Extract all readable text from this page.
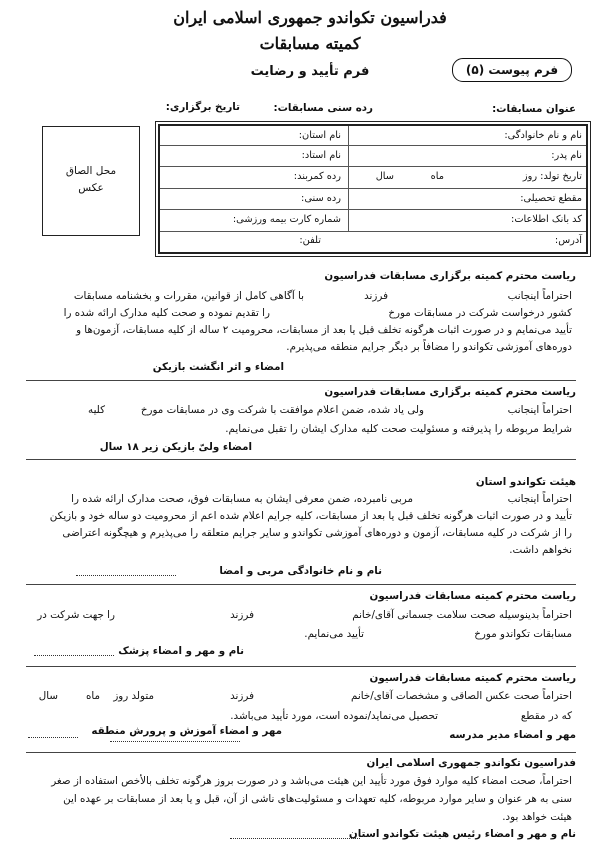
فدراسیون تکواندو جمهوری اسلامی ایران
کمیته مسابقات
فرم تأیید و رضایت	فرم پیوست (۵)
عنوان مسابقات:
رده سنی مسابقات:
تاریخ برگزاری:
نام و نام خانوادگی:
نام پدر:
تاریخ تولد: روز
ماه
سال
مقطع تحصیلی:
کد بانک اطلاعات:
آدرس:
نام استان:
نام استاد:
رده کمربند:
رده سنی:
شماره کارت بیمه ورزشی:
تلفن:
محل الصاق
عکس
ریاست محترم کمیته برگزاری مسابقات فدراسیون
احتراماً اینجانب
فرزند
با آگاهی کامل از قوانین، مقررات و بخشنامه مسابقات
کشور درخواست شرکت در مسابقات مورخ
را تقدیم نموده و صحت کلیه مدارک ارائه شده را
تأیید می‌نمایم و در صورت اثبات هرگونه تخلف قبل یا بعد از مسابقات، محرومیت ۲ ساله از کلیه مسابقات، آزمون‌ها و
دوره‌های آموزشی تکواندو را مضافاً بر دیگر جرایم منطقه می‌پذیرم.
امضاء و اثر انگشت بازیکن
ریاست محترم کمیته برگزاری مسابقات فدراسیون
احتراماً اینجانب
ولی یاد شده، ضمن اعلام موافقت با شرکت وی در مسابقات مورخ
کلیه
شرایط مربوطه را پذیرفته و مسئولیت صحت کلیه مدارک ایشان را تقبل می‌نمایم.
امضاء ولیّ بازیکن زیر ۱۸ سال
هیئت تکواندو استان
احتراماً اینجانب
مربی نامبرده، ضمن معرفی ایشان به مسابقات فوق، صحت مدارک ارائه شده را
تأیید و در صورت اثبات هرگونه تخلف قبل یا بعد از مسابقات، کلیه جرایم اعلام شده اعم از محرومیت دو ساله خود و بازیکن
را از شرکت در کلیه مسابقات، آزمون و دوره‌های آموزشی تکواندو و سایر جرایم متعلقه را می‌پذیرم و هیچگونه اعتراضی
نخواهم داشت.
نام و نام خانوادگی مربی و امضا
ریاست محترم کمیته مسابقات فدراسیون
احتراماً بدینوسیله صحت سلامت جسمانی آقای/خانم
فرزند
را جهت شرکت در
مسابقات تکواندو مورخ
تأیید می‌نمایم.
نام و مهر و امضاء پزشک
ریاست محترم کمیته مسابقات فدراسیون
احتراماً صحت عکس الصاقی و مشخصات آقای/خانم
فرزند
متولد روز
ماه
سال
که در مقطع
تحصیل می‌نماید/نموده است، مورد تأیید می‌باشد.
مهر و امضاء مدیر مدرسه
مهر و امضاء آموزش و پرورش منطقه
فدراسیون تکواندو جمهوری اسلامی ایران
احتراماً، صحت امضاء کلیه موارد فوق مورد تأیید این هیئت می‌باشد و در صورت بروز هرگونه تخلف بالأخص استفاده از صغر
سنی به هر عنوان و سایر موارد مربوطه، کلیه تعهدات و مسئولیت‌های ناشی از آن، قبل و یا بعد از مسابقات بر عهده این
هیئت خواهد بود.
نام و مهر و امضاء رئیس هیئت تکواندو استان
